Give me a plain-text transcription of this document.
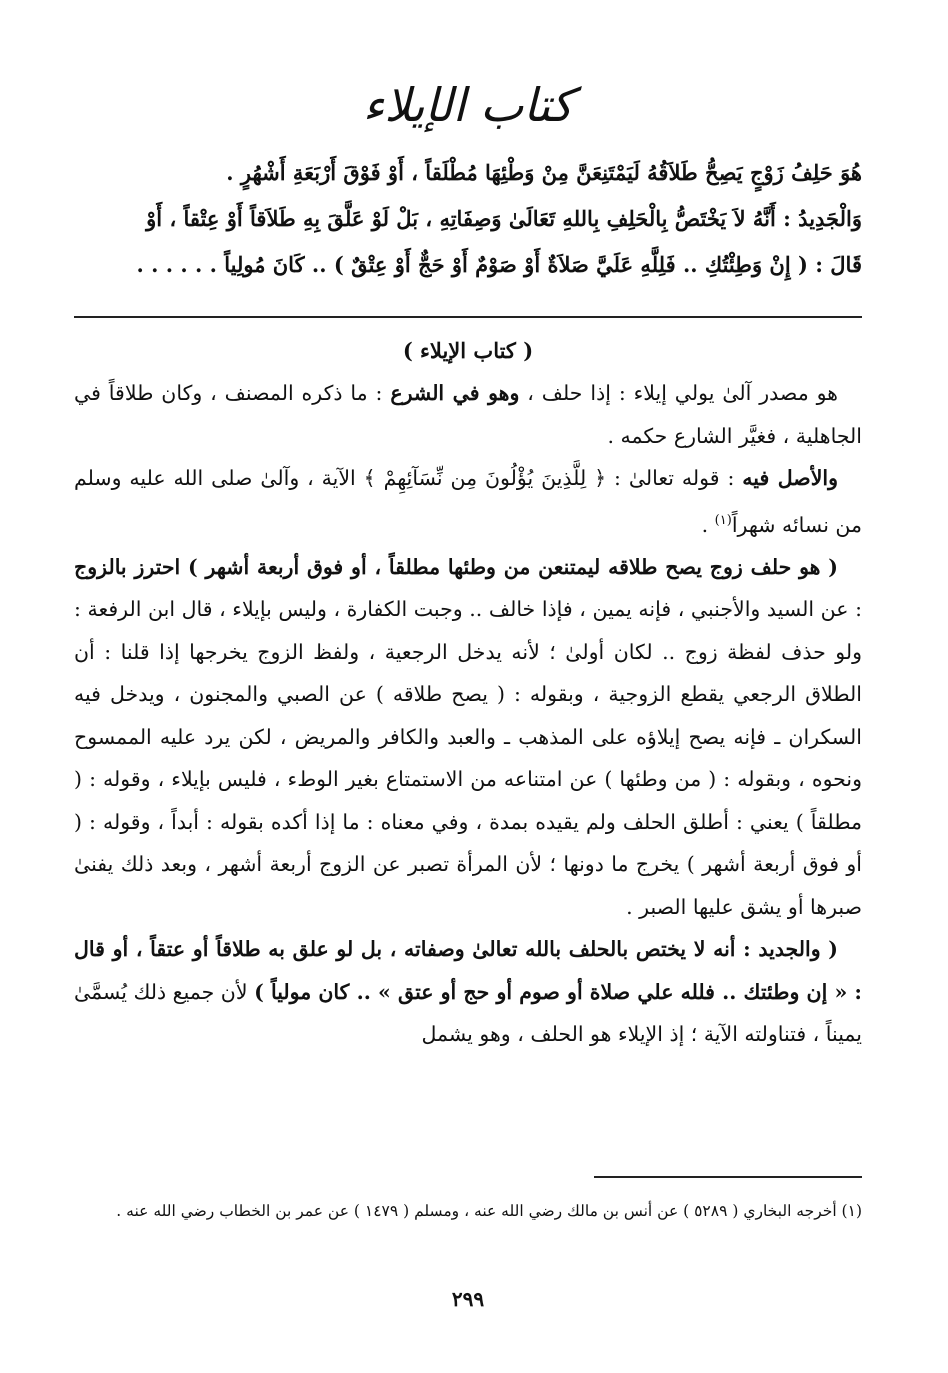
كتاب الإيلاء
هُوَ حَلِفُ زَوْجٍ يَصِحُّ طَلاَقُهُ لَيَمْتَنِعَنَّ مِنْ وَطْئِهَا مُطْلَقاً ، أَوْ فَوْقَ أَرْبَعَةِ أَشْهُرٍ .
وَالْجَدِيدُ : أَنَّهُ لاَ يَخْتَصُّ بِالْحَلِفِ بِاللهِ تَعَالَىٰ وَصِفَاتِهِ ، بَلْ لَوْ عَلَّقَ بِهِ طَلاَقاً أَوْ عِتْقاً ، أَوْ
قَالَ : ( إِنْ وَطِئْتُكِ .. فَلِلَّهِ عَلَيَّ صَلاَةٌ أَوْ صَوْمٌ أَوْ حَجٌّ أَوْ عِتْقٌ ) .. كَانَ مُولِياً . . . . . .
( كتاب الإيلاء )

هو مصدر آلىٰ يولي إيلاء : إذا حلف ، وهو في الشرع : ما ذكره المصنف ، وكان طلاقاً في الجاهلية ، فغيَّر الشارع حكمه .

والأصل فيه : قوله تعالىٰ : ﴿ لِلَّذِينَ يُؤْلُونَ مِن نِّسَآئِهِمْ ﴾ الآية ، وآلىٰ صلى الله عليه وسلم من نسائه شهراً$^{(١)}$ .

( هو حلف زوج يصح طلاقه ليمتنعن من وطئها مطلقاً ، أو فوق أربعة أشهر ) احترز بالزوج : عن السيد والأجنبي ، فإنه يمين ، فإذا خالف .. وجبت الكفارة ، وليس بإيلاء ، قال ابن الرفعة : ولو حذف لفظة زوج .. لكان أولىٰ ؛ لأنه يدخل الرجعية ، ولفظ الزوج يخرجها إذا قلنا : أن الطلاق الرجعي يقطع الزوجية ، وبقوله : ( يصح طلاقه ) عن الصبي والمجنون ، ويدخل فيه السكران ـ فإنه يصح إيلاؤه على المذهب ـ والعبد والكافر والمريض ، لكن يرد عليه الممسوح ونحوه ، وبقوله : ( من وطئها ) عن امتناعه من الاستمتاع بغير الوطء ، فليس بإيلاء ، وقوله : ( مطلقاً ) يعني : أطلق الحلف ولم يقيده بمدة ، وفي معناه : ما إذا أكده بقوله : أبداً ، وقوله : ( أو فوق أربعة أشهر ) يخرج ما دونها ؛ لأن المرأة تصبر عن الزوج أربعة أشهر ، وبعد ذلك يفنىٰ صبرها أو يشق عليها الصبر .

( والجديد : أنه لا يختص بالحلف بالله تعالىٰ وصفاته ، بل لو علق به طلاقاً أو عتقاً ، أو قال : « إن وطئتك .. فلله علي صلاة أو صوم أو حج أو عتق » .. كان مولياً ) لأن جميع ذلك يُسمَّىٰ يميناً ، فتناولته الآية ؛ إذ الإيلاء هو الحلف ، وهو يشمل

(١) أخرجه البخاري ( ٥٢٨٩ ) عن أنس بن مالك رضي الله عنه ، ومسلم ( ١٤٧٩ ) عن عمر بن الخطاب رضي الله عنه .
٢٩٩
